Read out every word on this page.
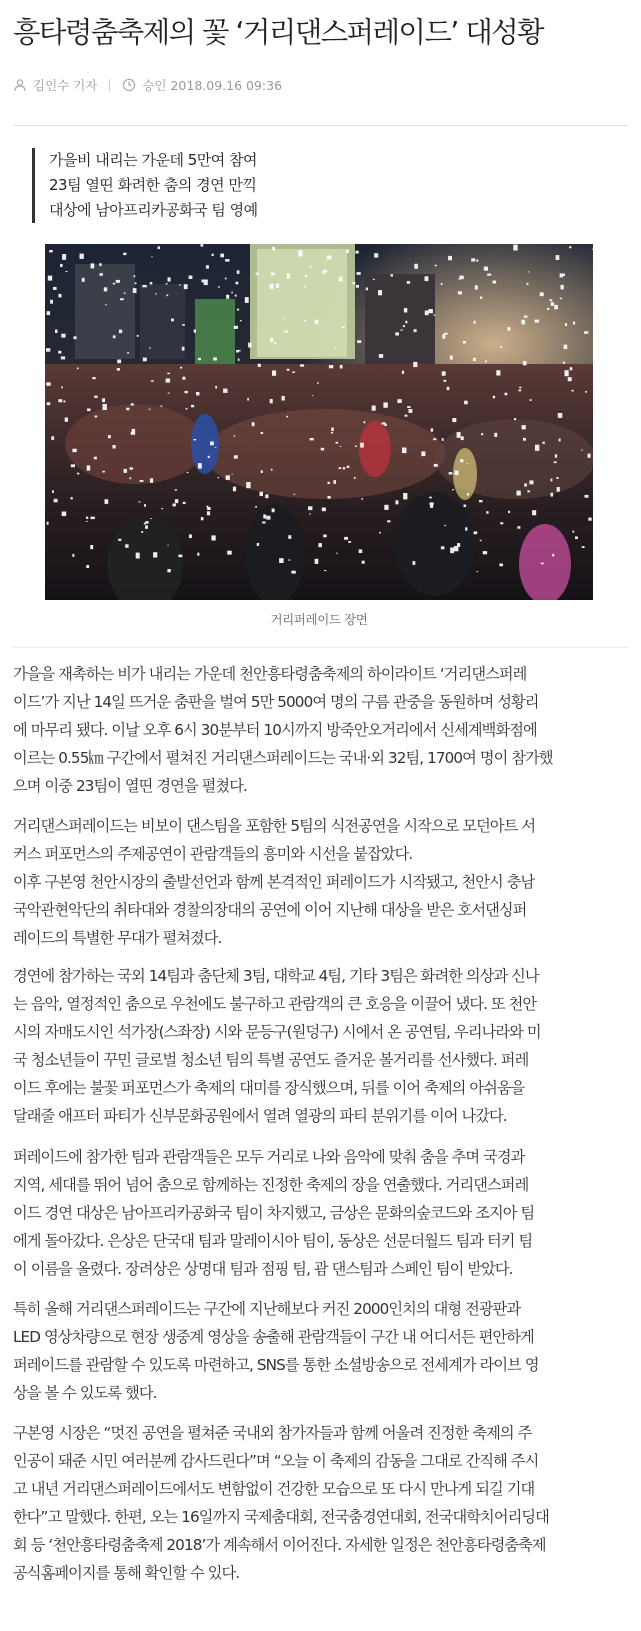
흥타령춤축제의 꽃 ‘거리댄스퍼레이드’ 대성황
김인수 기자	승인 2018.09.16 09:36
가을비 내리는 가운데 5만여 참여
23팀 열띤 화려한 춤의 경연 만끽
대상에 남아프리카공화국 팀 영예
거리퍼레이드 장면
가을을 재촉하는 비가 내리는 가운데 천안흥타령춤축제의 하이라이트 ‘거리댄스퍼레
이드’가 지난 14일 뜨거운 춤판을 벌여 5만 5000여 명의 구름 관중을 동원하며 성황리
에 마무리 됐다. 이날 오후 6시 30분부터 10시까지 방죽안오거리에서 신세계백화점에
이르는 0.55㎞ 구간에서 펼쳐진 거리댄스퍼레이드는 국내·외 32팀, 1700여 명이 참가했
으며 이중 23팀이 열띤 경연을 펼쳤다.
거리댄스퍼레이드는 비보이 댄스팀을 포함한 5팀의 식전공연을 시작으로 모던아트 서
커스 퍼포먼스의 주제공연이 관람객들의 흥미와 시선을 붙잡았다.
이후 구본영 천안시장의 출발선언과 함께 본격적인 퍼레이드가 시작됐고, 천안시 충남
국악관현악단의 취타대와 경찰의장대의 공연에 이어 지난해 대상을 받은 호서댄싱퍼
레이드의 특별한 무대가 펼쳐졌다.
경연에 참가하는 국외 14팀과 춤단체 3팀, 대학교 4팀, 기타 3팀은 화려한 의상과 신나
는 음악, 열정적인 춤으로 우천에도 불구하고 관람객의 큰 호응을 이끌어 냈다. 또 천안
시의 자매도시인 석가장(스좌장) 시와 문등구(원덩구) 시에서 온 공연팀, 우리나라와 미
국 청소년들이 꾸민 글로벌 청소년 팀의 특별 공연도 즐거운 볼거리를 선사했다. 퍼레
이드 후에는 불꽃 퍼포먼스가 축제의 대미를 장식했으며, 뒤를 이어 축제의 아쉬움을
달래줄 애프터 파티가 신부문화공원에서 열려 열광의 파티 분위기를 이어 나갔다.
퍼레이드에 참가한 팀과 관람객들은 모두 거리로 나와 음악에 맞춰 춤을 추며 국경과
지역, 세대를 뛰어 넘어 춤으로 함께하는 진정한 축제의 장을 연출했다. 거리댄스퍼레
이드 경연 대상은 남아프리카공화국 팀이 차지했고, 금상은 문화의숲코드와 조지아 팀
에게 돌아갔다. 은상은 단국대 팀과 말레이시아 팀이, 동상은 선문더월드 팀과 터키 팀
이 이름을 올렸다. 장려상은 상명대 팀과 점핑 팀, 괌 댄스팀과 스페인 팀이 받았다.
특히 올해 거리댄스퍼레이드는 구간에 지난해보다 커진 2000인치의 대형 전광판과
LED 영상차량으로 현장 생중계 영상을 송출해 관람객들이 구간 내 어디서든 편안하게
퍼레이드를 관람할 수 있도록 마련하고, SNS를 통한 소셜방송으로 전세계가 라이브 영
상을 볼 수 있도록 했다.
구본영 시장은 “멋진 공연을 펼쳐준 국내외 참가자들과 함께 어울려 진정한 축제의 주
인공이 돼준 시민 여러분께 감사드린다”며 “오늘 이 축제의 감동을 그대로 간직해 주시
고 내년 거리댄스퍼레이드에서도 변함없이 건강한 모습으로 또 다시 만나게 되길 기대
한다”고 말했다. 한편, 오는 16일까지 국제춤대회, 전국춤경연대회, 전국대학치어리딩대
회 등 ‘천안흥타령춤축제 2018’가 계속해서 이어진다. 자세한 일정은 천안흥타령춤축제
공식홈페이지를 통해 확인할 수 있다.
